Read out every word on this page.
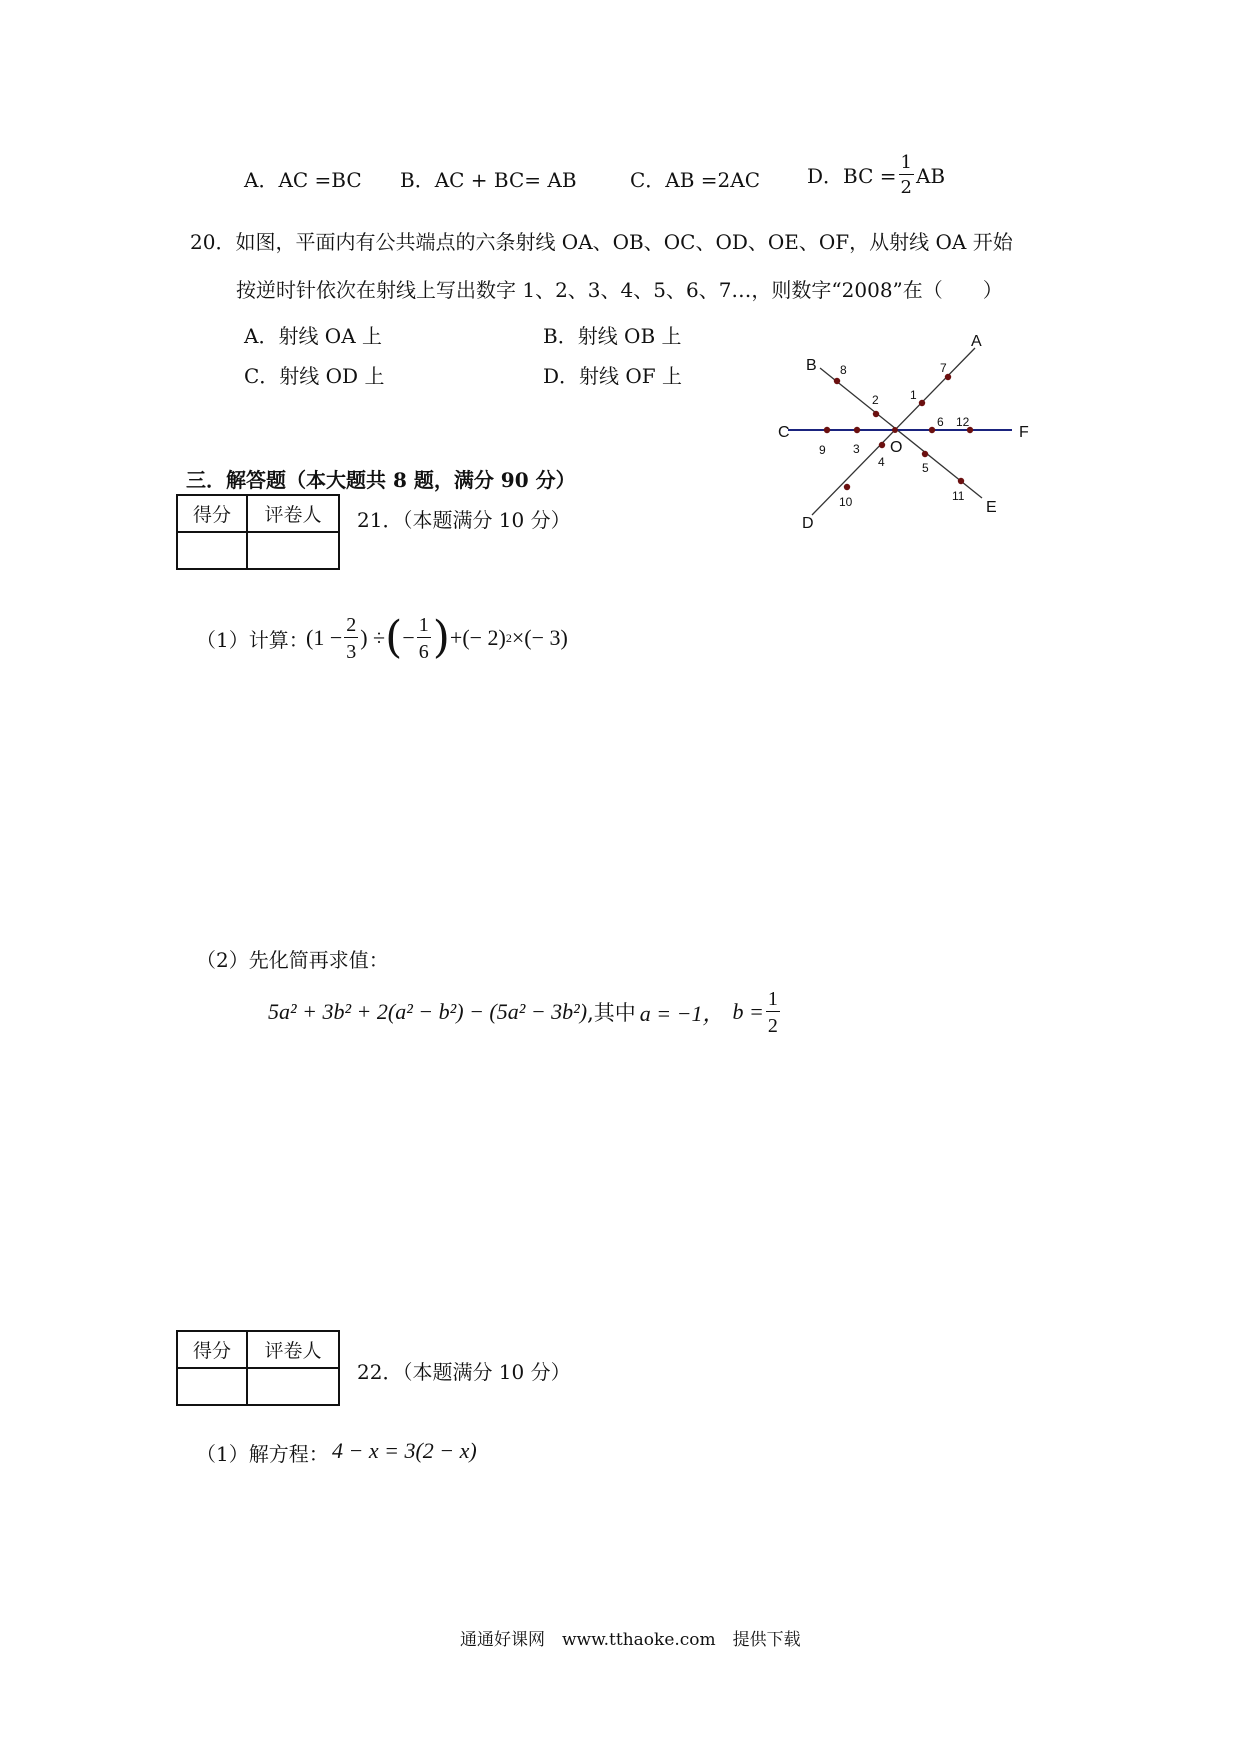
A．AC =BC B．AC + BC= AB	C．AB =2AC D．BC = $\frac{1}{2}$ AB
20．如图，平面内有公共端点的六条射线 OA、OB、OC、OD、OE、OF，从射线 OA 开始
按逆时针依次在射线上写出数字 1、2、3、4、5、6、7…，则数字“2008”在（　　）
A．射线 OA 上	B．射线 OB 上
C．射线 OD 上	D．射线 OF 上
1
2
3
4	5
6
7
8
9
10	11
12
A
B
C
D
E
F
O
三．解答题（本大题共 8 题，满分 90 分）
得分	评卷人
	21．（本题满分 10 分）
（1）计算：
($1 - \frac{2}{3}$ ) ÷ ( − $\frac{1}{6}$ ) +(− 2) 2 ×(− 3)
（2）先化简再求值：
5a² + 3b² + 2(a² − b²) − (5a² − 3b²) ,其中 a = −1， $b = \frac{1}{2}$
得分	评卷人

22．（本题满分 10 分）
（1）解方程： 4 − x = 3(2 − x)
通通好课网　www.tthaoke.com　提供下载
